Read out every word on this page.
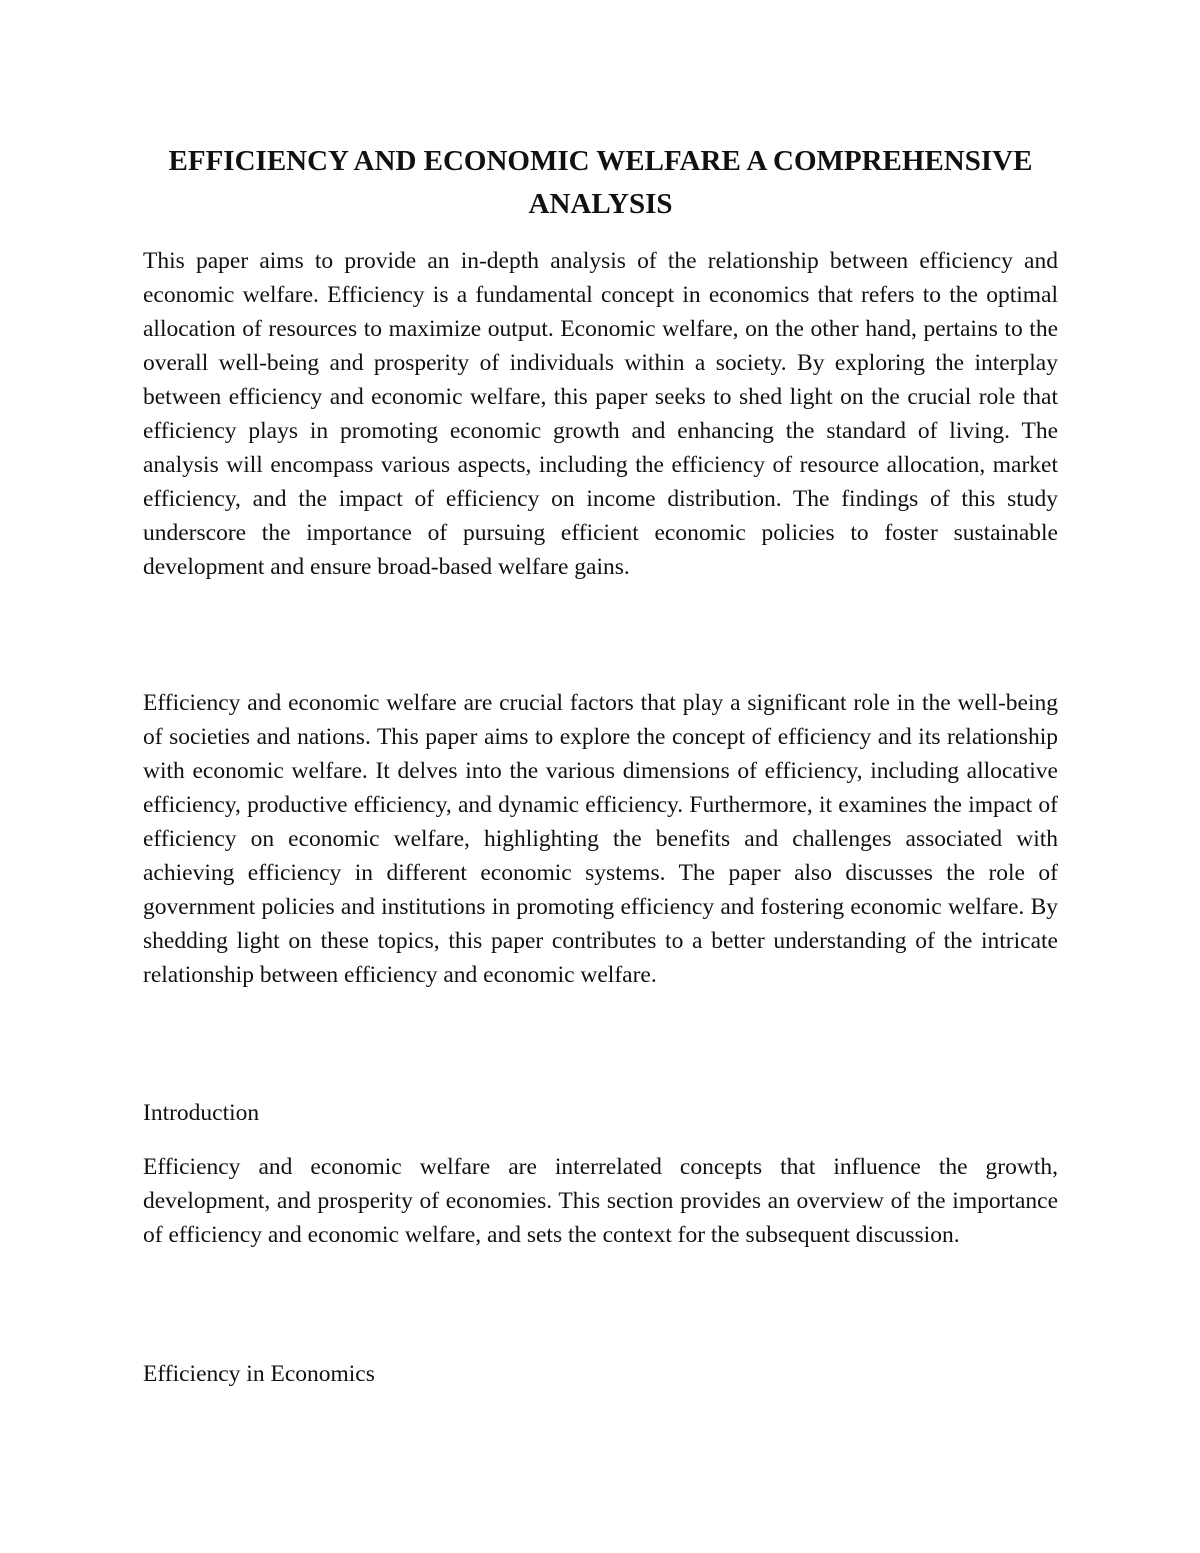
EFFICIENCY AND ECONOMIC WELFARE A COMPREHENSIVE ANALYSIS

This paper aims to provide an in-depth analysis of the relationship between efficiency and economic welfare. Efficiency is a fundamental concept in economics that refers to the optimal allocation of resources to maximize output. Economic welfare, on the other hand, pertains to the overall well-being and prosperity of individuals within a society. By exploring the interplay between efficiency and economic welfare, this paper seeks to shed light on the crucial role that efficiency plays in promoting economic growth and enhancing the standard of living. The analysis will encompass various aspects, including the efficiency of resource allocation, market efficiency, and the impact of efficiency on income distribution. The findings of this study underscore the importance of pursuing efficient economic policies to foster sustainable development and ensure broad-based welfare gains.

Efficiency and economic welfare are crucial factors that play a significant role in the well-being of societies and nations. This paper aims to explore the concept of efficiency and its relationship with economic welfare. It delves into the various dimensions of efficiency, including allocative efficiency, productive efficiency, and dynamic efficiency. Furthermore, it examines the impact of efficiency on economic welfare, highlighting the benefits and challenges associated with achieving efficiency in different economic systems. The paper also discusses the role of government policies and institutions in promoting efficiency and fostering economic welfare. By shedding light on these topics, this paper contributes to a better understanding of the intricate relationship between efficiency and economic welfare.

Introduction

Efficiency and economic welfare are interrelated concepts that influence the growth, development, and prosperity of economies. This section provides an overview of the importance of efficiency and economic welfare, and sets the context for the subsequent discussion.

Efficiency in Economics
